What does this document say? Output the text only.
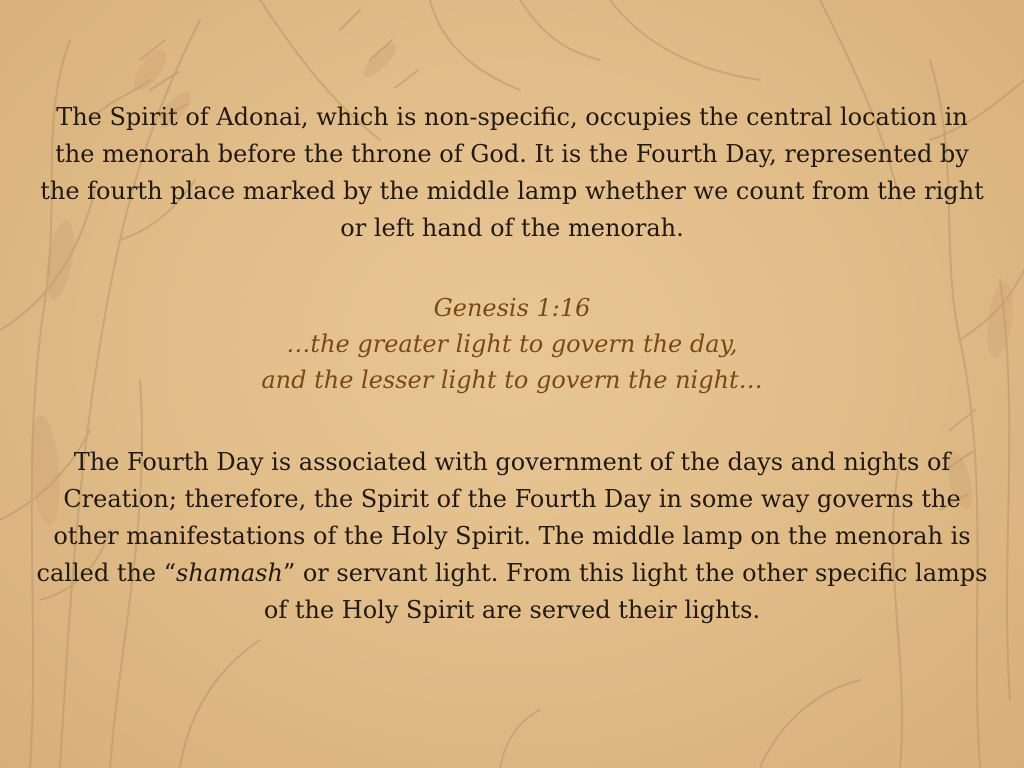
The Spirit of Adonai, which is non-specific, occupies the central location in the menorah before the throne of God. It is the Fourth Day, represented by the fourth place marked by the middle lamp whether we count from the right or left hand of the menorah.

Genesis 1:16
…the greater light to govern the day,
and the lesser light to govern the night…

The Fourth Day is associated with government of the days and nights of Creation; therefore, the Spirit of the Fourth Day in some way governs the other manifestations of the Holy Spirit. The middle lamp on the menorah is called the “shamash” or servant light. From this light the other specific lamps of the Holy Spirit are served their lights.
